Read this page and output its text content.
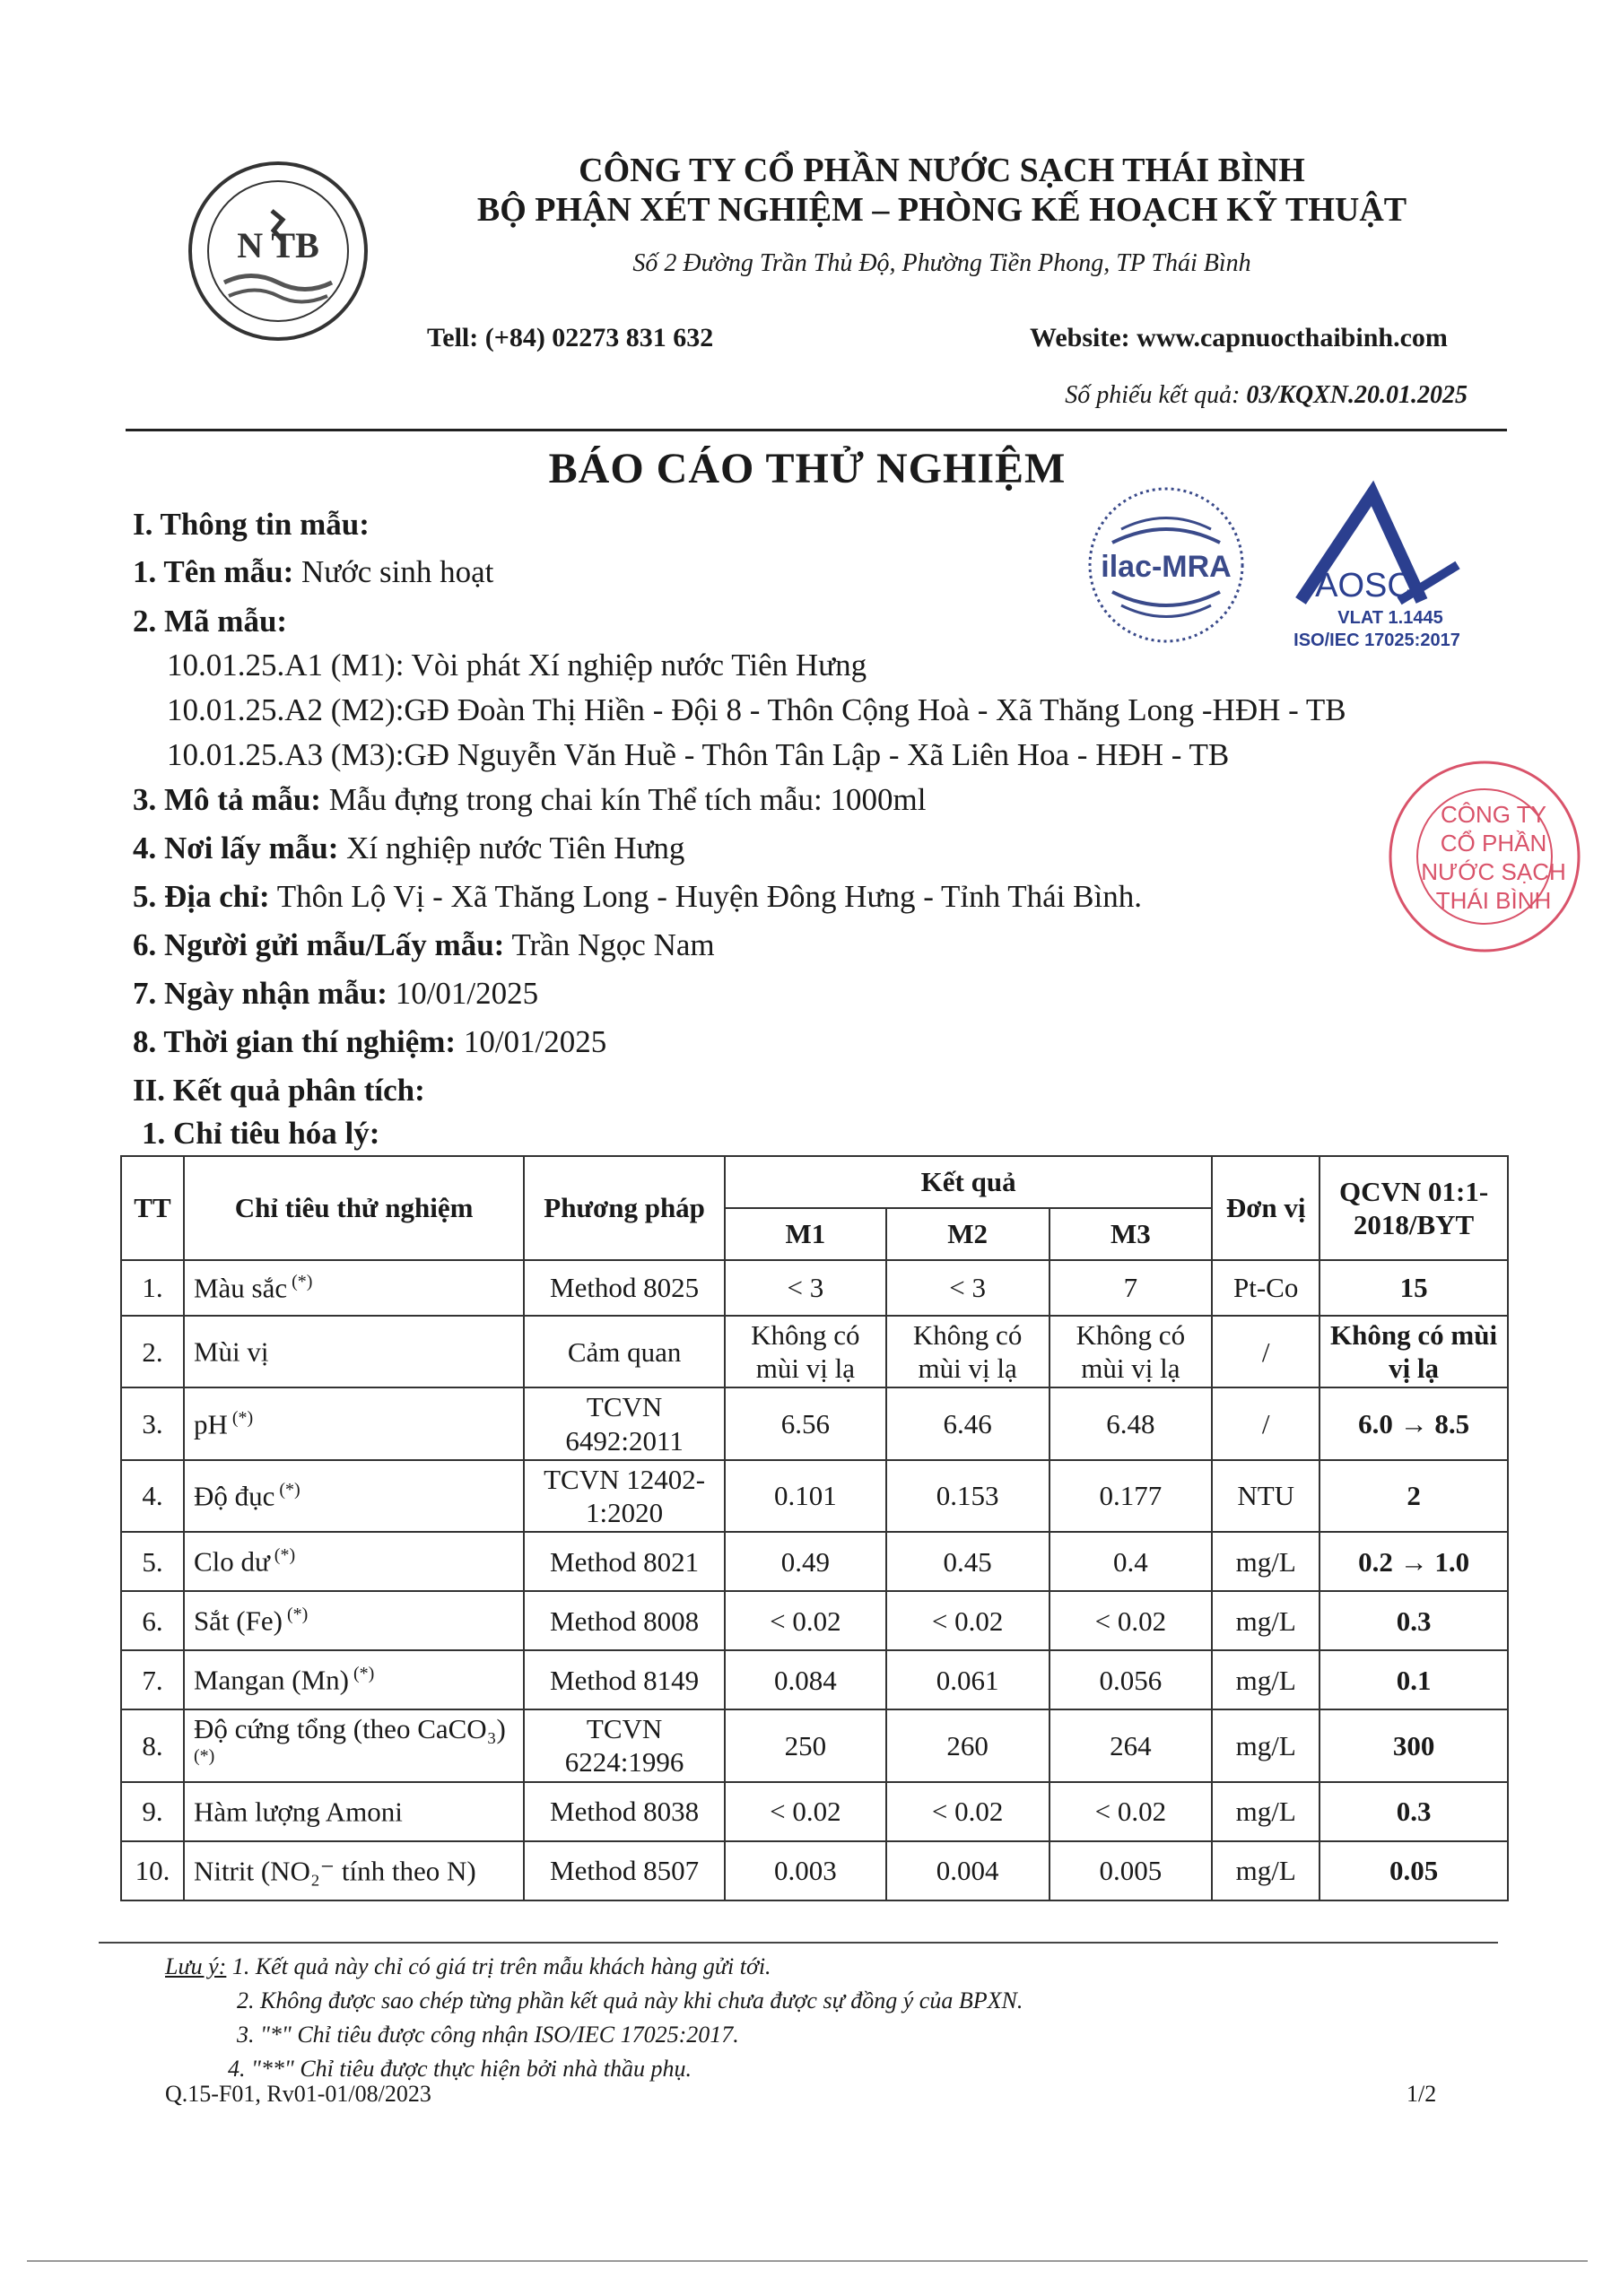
N TB
CÔNG TY CỔ PHẦN NƯỚC SẠCH THÁI BÌNH
BỘ PHẬN XÉT NGHIỆM – PHÒNG KẾ HOẠCH KỸ THUẬT
Số 2 Đường Trần Thủ Độ, Phường Tiền Phong, TP Thái Bình
Tell: (+84) 02273 831 632	Website: www.capnuocthaibinh.com
Số phiếu kết quả: 03/KQXN.20.01.2025
BÁO CÁO THỬ NGHIỆM
ilac-MRA AOSC
VLAT 1.1445
ISO/IEC 17025:2017
CÔNG TY
CỔ PHẦN
NƯỚC SẠCH
THÁI BÌNH
I. Thông tin mẫu:
1. Tên mẫu: Nước sinh hoạt
2. Mã mẫu:
10.01.25.A1 (M1): Vòi phát Xí nghiệp nước Tiên Hưng
10.01.25.A2 (M2):GĐ Đoàn Thị Hiền - Đội 8 - Thôn Cộng Hoà - Xã Thăng Long -HĐH - TB
10.01.25.A3 (M3):GĐ Nguyễn Văn Huề - Thôn Tân Lập - Xã Liên Hoa - HĐH - TB
3. Mô tả mẫu: Mẫu đựng trong chai kín Thể tích mẫu: 1000ml
4. Nơi lấy mẫu: Xí nghiệp nước Tiên Hưng
5. Địa chỉ: Thôn Lộ Vị - Xã Thăng Long - Huyện Đông Hưng - Tỉnh Thái Bình.
6. Người gửi mẫu/Lấy mẫu: Trần Ngọc Nam
7. Ngày nhận mẫu: 10/01/2025
8. Thời gian thí nghiệm: 10/01/2025
II. Kết quả phân tích:
1. Chỉ tiêu hóa lý:
TT	Chỉ tiêu thử nghiệm	Phương pháp	Kết quả			Đơn vị	QCVN 01:1-2018/BYT
			M1	M2	M3		
1.	Màu sắc (*)	Method 8025	< 3	< 3	7	Pt-Co	15
2.	Mùi vị	Cảm quan	Không có mùi vị lạ	Không có mùi vị lạ	Không có mùi vị lạ	/	Không có mùi vị lạ
3.	pH (*)	TCVN 6492:2011	6.56	6.46	6.48	/	6.0 → 8.5
4.	Độ đục (*)	TCVN 12402-1:2020	0.101	0.153	0.177	NTU	2
5.	Clo dư (*)	Method 8021	0.49	0.45	0.4	mg/L	0.2 → 1.0
6.	Sắt (Fe) (*)	Method 8008	< 0.02	< 0.02	< 0.02	mg/L	0.3
7.	Mangan (Mn) (*)	Method 8149	0.084	0.061	0.056	mg/L	0.1
8.	Độ cứng tổng (theo CaCO₃) (*)	TCVN 6224:1996	250	260	264	mg/L	300
9.	Hàm lượng Amoni	Method 8038	< 0.02	< 0.02	< 0.02	mg/L	0.3
10.	Nitrit (NO₂⁻ tính theo N)	Method 8507	0.003	0.004	0.005	mg/L	0.05
Lưu ý: 1. Kết quả này chỉ có giá trị trên mẫu khách hàng gửi tới.
2. Không được sao chép từng phần kết quả này khi chưa được sự đồng ý của BPXN.
3. "*" Chỉ tiêu được công nhận ISO/IEC 17025:2017.
4. "**" Chỉ tiêu được thực hiện bởi nhà thầu phụ.
Q.15-F01, Rv01-01/08/2023	1/2
